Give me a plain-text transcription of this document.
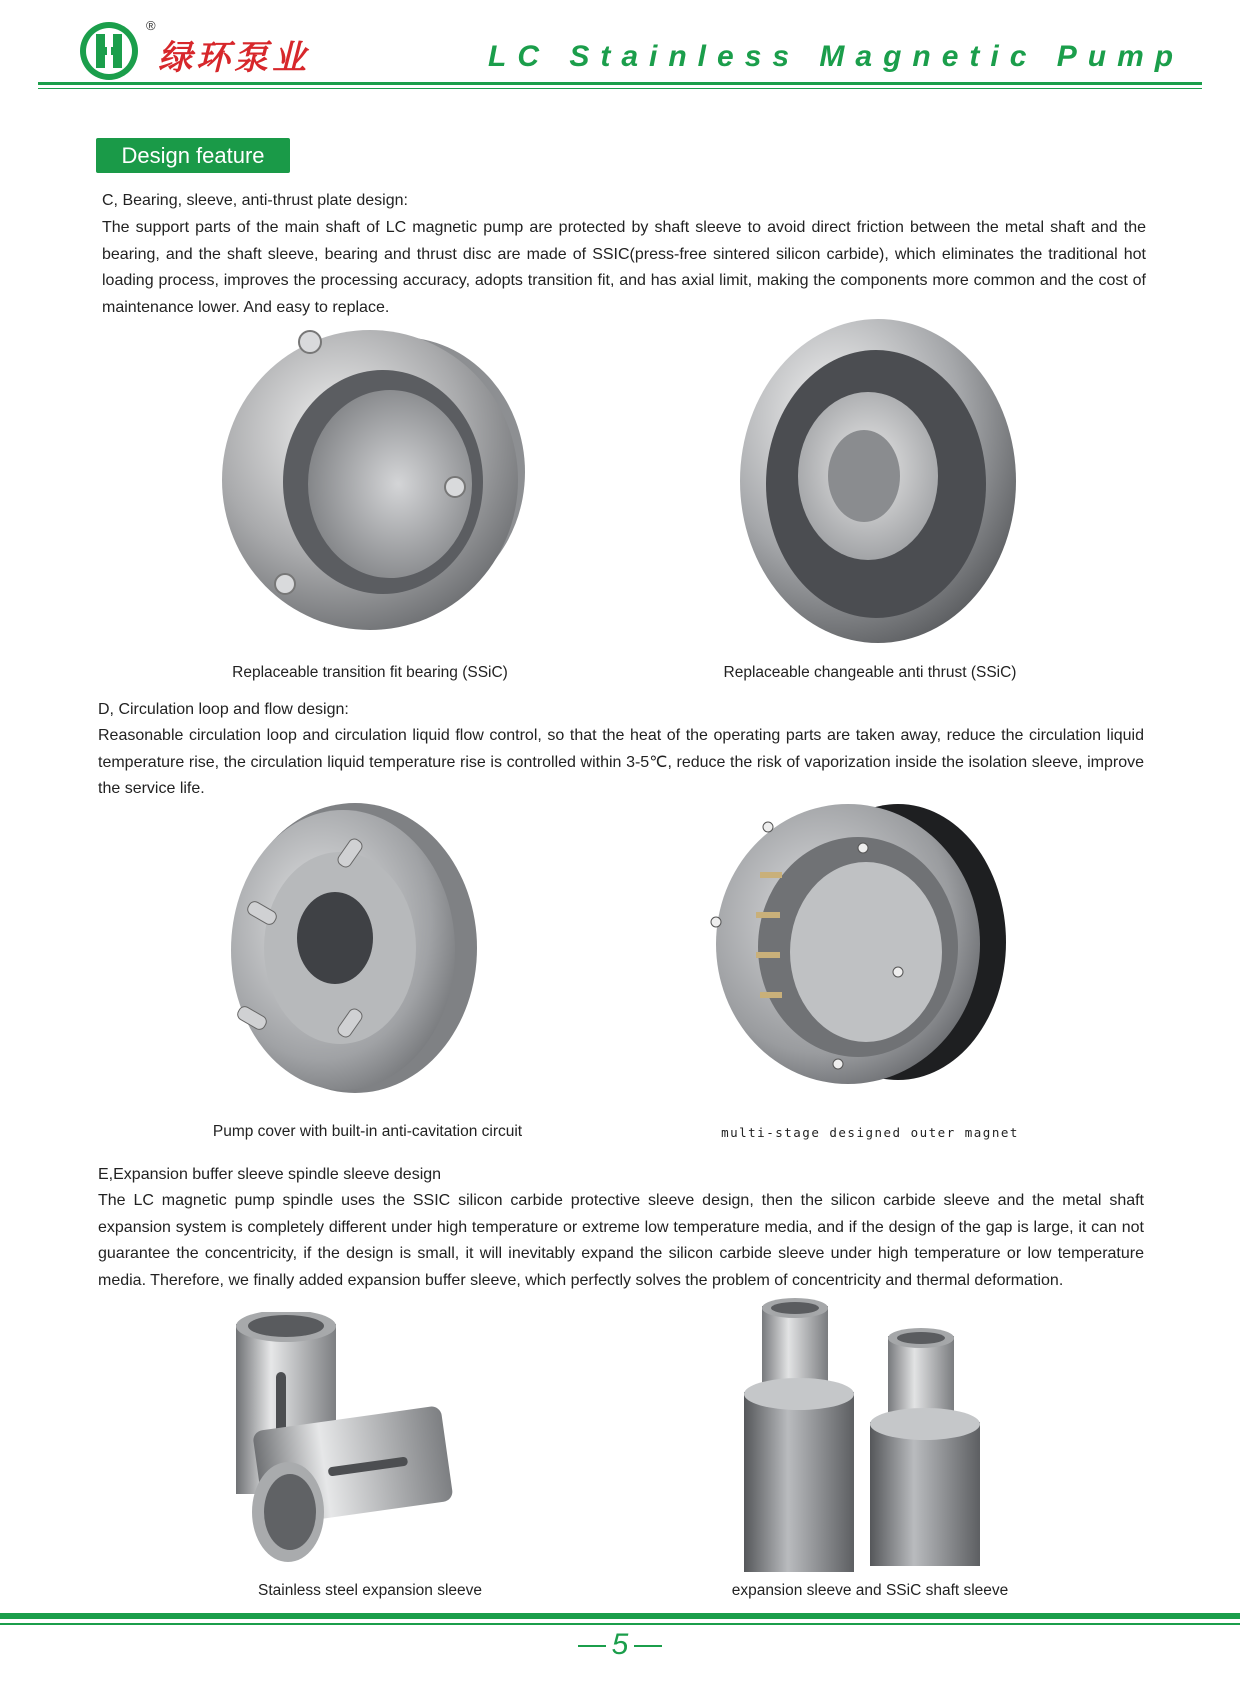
®
绿环泵业	LC Stainless Magnetic Pump
Design feature
C, Bearing, sleeve, anti-thrust plate design:
The support parts of the main shaft of LC magnetic pump are protected by shaft sleeve to avoid direct friction between the metal shaft and the bearing, and the shaft sleeve, bearing and thrust disc are made of SSIC(press-free sintered silicon carbide), which eliminates the traditional hot loading process, improves the processing accuracy, adopts transition fit, and has axial limit, making the components more common and the cost of maintenance lower. And easy to replace.
Replaceable transition fit bearing (SSiC)	Replaceable changeable anti thrust (SSiC)
D, Circulation loop and flow design:
Reasonable circulation loop and circulation liquid flow control, so that the heat of the operating parts are taken away, reduce the circulation liquid temperature rise, the circulation liquid temperature rise is controlled within 3-5℃, reduce the risk of vaporization inside the isolation sleeve, improve the service life.
Pump cover with built-in anti-cavitation circuit	multi-stage designed outer magnet
E,Expansion buffer sleeve spindle sleeve design
The LC magnetic pump spindle uses the SSIC silicon carbide protective sleeve design, then the silicon carbide sleeve and the metal shaft expansion system is completely different under high temperature or extreme low temperature media, and if the design of the gap is large, it can not guarantee the concentricity, if the design is small, it will inevitably expand the silicon carbide sleeve under high temperature or low temperature media. Therefore, we finally added expansion buffer sleeve, which perfectly solves the problem of concentricity and thermal deformation.
Stainless steel expansion sleeve	expansion sleeve and SSiC shaft sleeve
5
